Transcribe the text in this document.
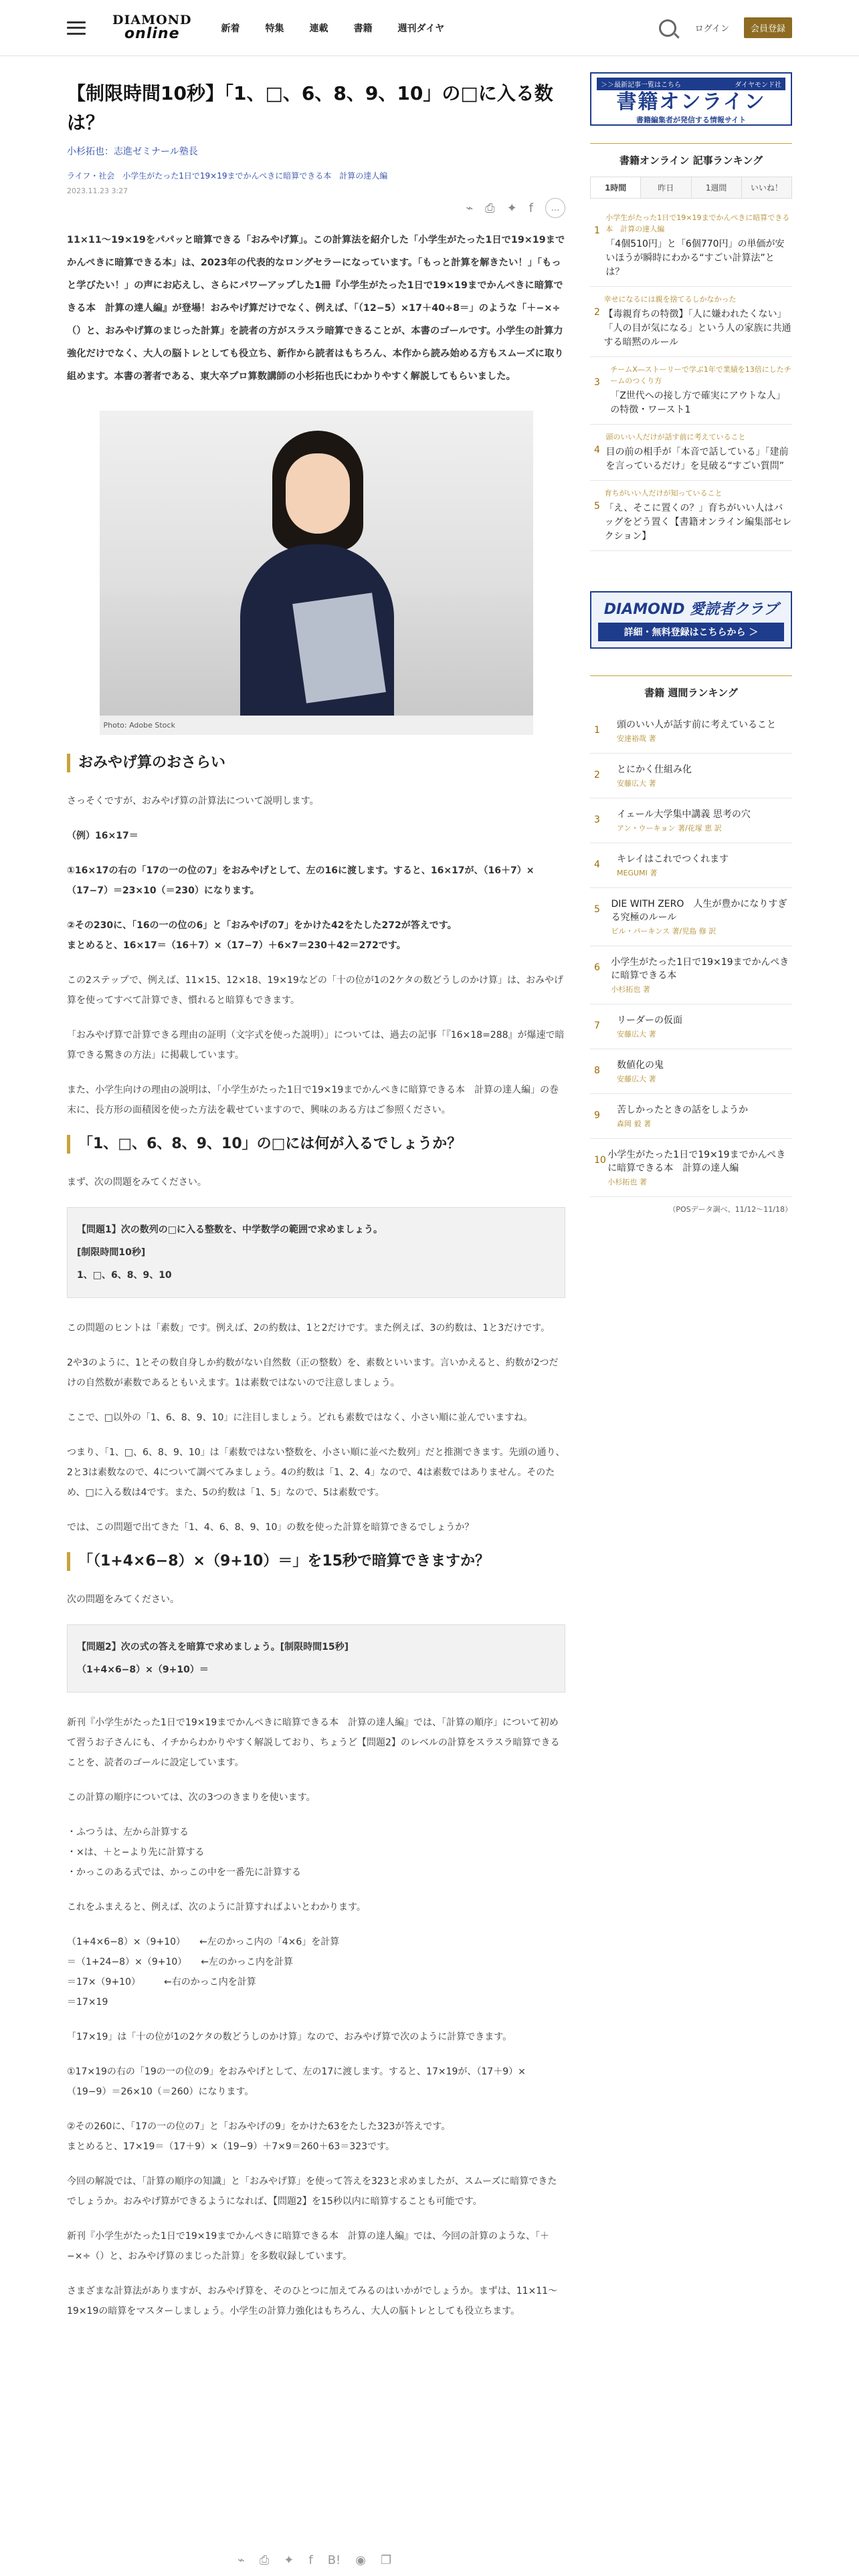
DIAMOND
online	新着	特集	連載	書籍	週刊ダイヤ	ログイン	会員登録
【制限時間10秒】「1、□、6、8、9、10」の□に入る数は？
小杉拓也：志進ゼミナール塾長
ライフ・社会　小学生がたった1日で19×19までかんぺきに暗算できる本　計算の達人編
2023.11.23 3:27
⌁ ⎙ ✦ f	…
11×11〜19×19をパパッと暗算できる「おみやげ算」。この計算法を紹介した「小学生がたった1日で19×19までかんぺきに暗算できる本」は、2023年の代表的なロングセラーになっています。「もっと計算を解きたい！」「もっと学びたい！」の声にお応えし、さらにパワーアップした1冊『小学生がたった1日で19×19までかんぺきに暗算できる本　計算の達人編』が登場！おみやげ算だけでなく、例えば、「（12−5）×17＋40÷8＝」のような「＋−×÷（）と、おみやげ算のまじった計算」を読者の方がスラスラ暗算できることが、本書のゴールです。小学生の計算力強化だけでなく、大人の脳トレとしても役立ち、新作から読者はもちろん、本作から読み始める方もスムーズに取り組めます。本書の著者である、東大卒プロ算数講師の小杉拓也氏にわかりやすく解説してもらいました。
Photo: Adobe Stock
おみやげ算のおさらい

さっそくですが、おみやげ算の計算法について説明します。

（例）16×17＝

①16×17の右の「17の一の位の7」をおみやげとして、左の16に渡します。すると、16×17が、（16＋7）×（17−7）＝23×10（＝230）になります。

②その230に、「16の一の位の6」と「おみやげの7」をかけた42をたした272が答えです。

まとめると、16×17＝（16＋7）×（17−7）＋6×7＝230＋42＝272です。

この2ステップで、例えば、11×15、12×18、19×19などの「十の位が1の2ケタの数どうしのかけ算」は、おみやげ算を使ってすべて計算でき、慣れると暗算もできます。

「おみやげ算で計算できる理由の証明（文字式を使った説明）」については、過去の記事「『16×18=288』が爆速で暗算できる驚きの方法」に掲載しています。

また、小学生向けの理由の説明は、「小学生がたった1日で19×19までかんぺきに暗算できる本　計算の達人編」の巻末に、長方形の面積図を使った方法を載せていますので、興味のある方はご参照ください。

「1、□、6、8、9、10」の□には何が入るでしょうか？

まず、次の問題をみてください。

【問題1】次の数列の□に入る整数を、中学数学の範囲で求めましょう。

[制限時間10秒]

1、□、6、8、9、10

この問題のヒントは「素数」です。例えば、2の約数は、1と2だけです。また例えば、3の約数は、1と3だけです。

2や3のように、1とその数自身しか約数がない自然数（正の整数）を、素数といいます。言いかえると、約数が2つだけの自然数が素数であるともいえます。1は素数ではないので注意しましょう。

ここで、□以外の「1、6、8、9、10」に注目しましょう。どれも素数ではなく、小さい順に並んでいますね。

つまり、「1、□、6、8、9、10」は「素数ではない整数を、小さい順に並べた数列」だと推測できます。先頭の通り、2と3は素数なので、4について調べてみましょう。4の約数は「1、2、4」なので、4は素数ではありません。そのため、□に入る数は4です。また、5の約数は「1、5」なので、5は素数です。

では、この問題で出てきた「1、4、6、8、9、10」の数を使った計算を暗算できるでしょうか？

「（1+4×6−8）×（9+10）＝」を15秒で暗算できますか？

次の問題をみてください。

【問題2】次の式の答えを暗算で求めましょう。[制限時間15秒]

（1+4×6−8）×（9+10）＝

新刊『小学生がたった1日で19×19までかんぺきに暗算できる本　計算の達人編』では、「計算の順序」について初めて習うお子さんにも、イチからわかりやすく解説しており、ちょうど【問題2】のレベルの計算をスラスラ暗算できることを、読者のゴールに設定しています。

この計算の順序については、次の3つのきまりを使います。

・ふつうは、左から計算する

・×は、＋と−より先に計算する

・かっこのある式では、かっこの中を一番先に計算する

これをふまえると、例えば、次のように計算すればよいとわかります。

（1+4×6−8）×（9+10）　　←左のかっこ内の「4×6」を計算

＝（1+24−8）×（9+10）　　←左のかっこ内を計算

＝17×（9+10）　　　←右のかっこ内を計算

＝17×19

「17×19」は「十の位が1の2ケタの数どうしのかけ算」なので、おみやげ算で次のように計算できます。

①17×19の右の「19の一の位の9」をおみやげとして、左の17に渡します。すると、17×19が、（17＋9）×（19−9）＝26×10（＝260）になります。

②その260に、「17の一の位の7」と「おみやげの9」をかけた63をたした323が答えです。

まとめると、17×19＝（17＋9）×（19−9）＋7×9＝260＋63＝323です。

今回の解説では、「計算の順序の知識」と「おみやげ算」を使って答えを323と求めましたが、スムーズに暗算できたでしょうか。おみやげ算ができるようになれば、【問題2】を15秒以内に暗算することも可能です。

新刊『小学生がたった1日で19×19までかんぺきに暗算できる本　計算の達人編』では、今回の計算のような、「＋−×÷（）と、おみやげ算のまじった計算」を多数収録しています。

さまざまな計算法がありますが、おみやげ算を、そのひとつに加えてみるのはいかがでしょうか。まずは、11×11〜19×19の暗算をマスターしましょう。小学生の計算力強化はもちろん、大人の脳トレとしても役立ちます。

＞＞最新記事一覧はこちら	ダイヤモンド社
書籍オンライン
書籍編集者が発信する情報サイト
書籍オンライン 記事ランキング
1時間	昨日	1週間	いいね！
1
小学生がたった1日で19×19までかんぺきに暗算できる本　計算の達人編
「4個510円」と「6個770円」の単価が安いほうが瞬時にわかる“すごい計算法”とは？
2
幸せになるには親を捨てるしかなかった
【毒親育ちの特徴】「人に嫌われたくない」「人の目が気になる」という人の家族に共通する暗黙のルール
3
チームX―ストーリーで学ぶ1年で業績を13倍にしたチームのつくり方
「Z世代への接し方で確実にアウトな人」の特徴・ワースト1
4
頭のいい人だけが話す前に考えていること
目の前の相手が「本音で話している」「建前を言っているだけ」を見破る“すごい質問”
5
育ちがいい人だけが知っていること
「え、そこに置くの？」育ちがいい人はバッグをどう置く【書籍オンライン編集部セレクション】
DIAMOND 愛読者クラブ
詳細・無料登録はこちらから ＞
書籍 週間ランキング
1	頭のいい人が話す前に考えていること
安達裕哉 著
2	とにかく仕組み化
安藤広大 著
3	イェール大学集中講義 思考の穴
アン・ウーキョン 著/花塚 恵 訳
4	キレイはこれでつくれます
MEGUMI 著
5	DIE WITH ZERO　人生が豊かになりすぎる究極のルール
ビル・パーキンス 著/児島 修 訳
6	小学生がたった1日で19×19までかんぺきに暗算できる本
小杉拓也 著
7	リーダーの仮面
安藤広大 著
8	数値化の鬼
安藤広大 著
9	苦しかったときの話をしようか
森岡 毅 著
10 小学生がたった1日で19×19までかんぺきに暗算できる本　計算の達人編
小杉拓也 著
（POSデータ調べ、11/12〜11/18）
⌁ ⎙ ✦ f B! ◉ ❐
